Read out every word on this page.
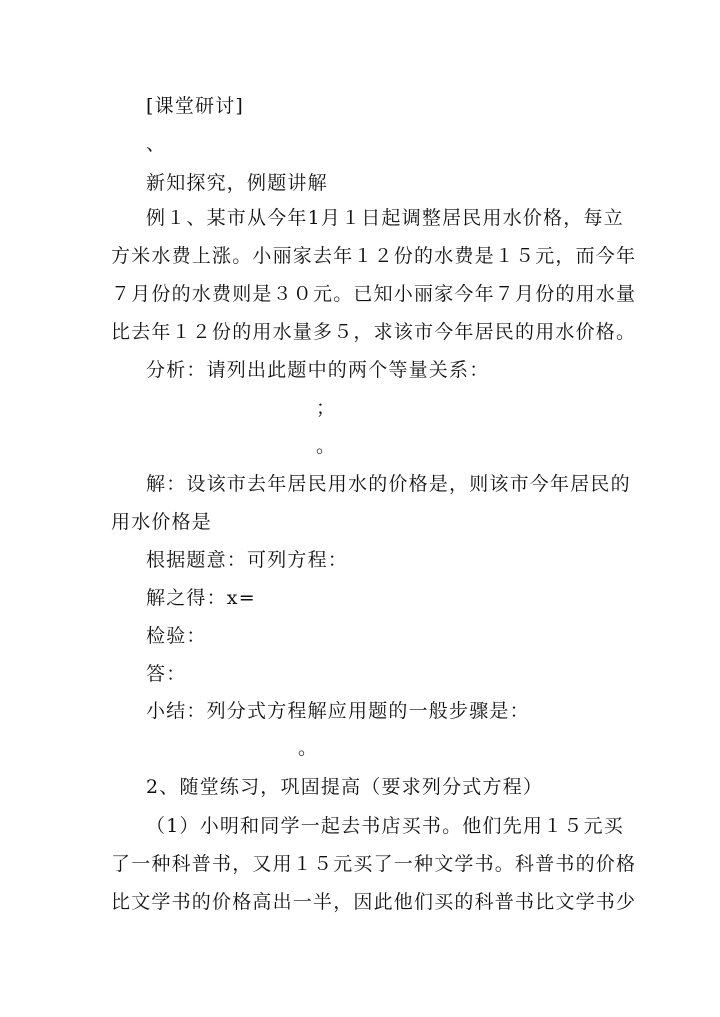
[课堂研讨]
、
新知探究，例题讲解
例１、某市从今年1月１日起调整居民用水价格，每立
方米水费上涨。小丽家去年１２份的水费是１５元，而今年
７月份的水费则是３０元。已知小丽家今年７月份的用水量
比去年１２份的用水量多５，求该市今年居民的用水价格。
分析：请列出此题中的两个等量关系：
；
。
解：设该市去年居民用水的价格是，则该市今年居民的
用水价格是
根据题意：可列方程：
解之得：x=
检验：
答：
小结：列分式方程解应用题的一般步骤是：
。
2、随堂练习，巩固提高（要求列分式方程）
（1）小明和同学一起去书店买书。他们先用１５元买
了一种科普书，又用１５元买了一种文学书。科普书的价格
比文学书的价格高出一半，因此他们买的科普书比文学书少
